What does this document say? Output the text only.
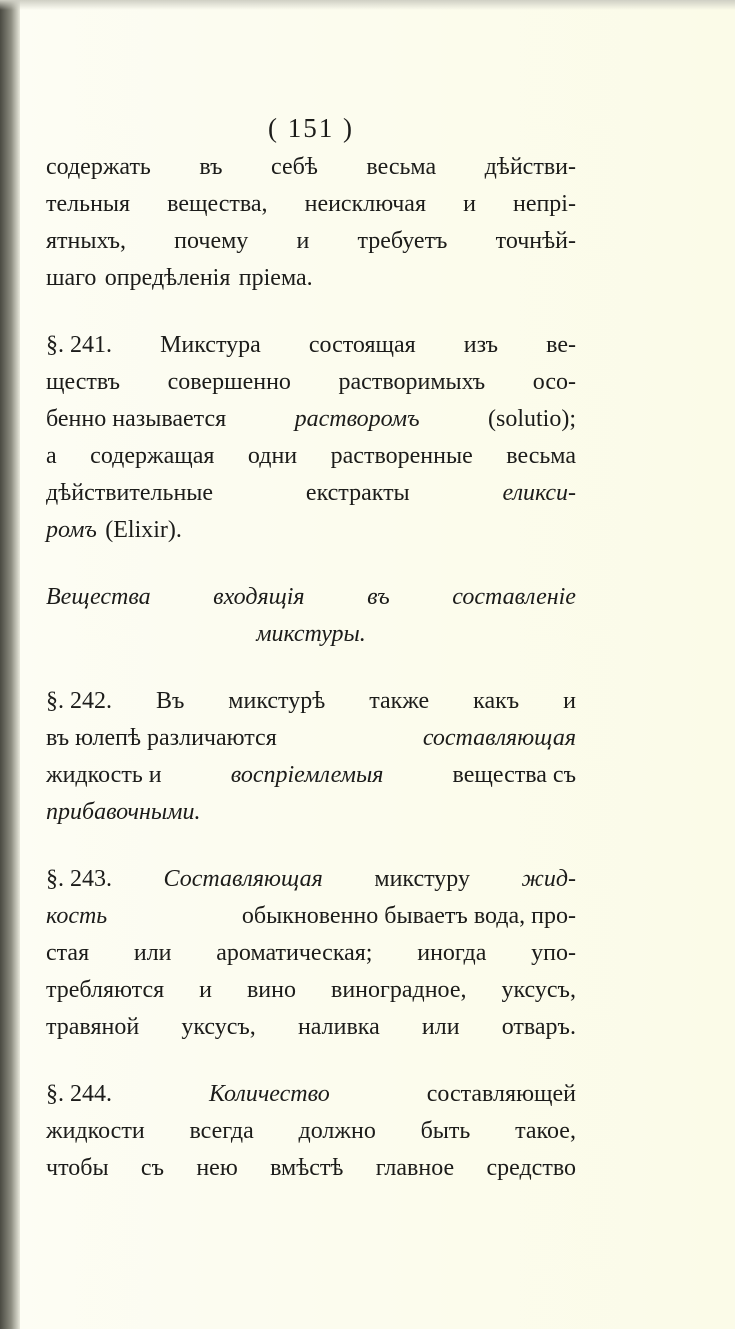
( 151 )
содержать въ себѣ весьма дѣйстви-
тельныя вещества, неисключая и непрі-
ятныхъ, почему и требуетъ точнѣй-
шаго опредѣленія пріема.
§. 241. Микстура состоящая изъ ве-
ществъ совершенно растворимыхъ осо-
бенно называется	растворомъ	(solutio);
а содержащая одни растворенные весьма
дѣйствительные	екстракты	еликси-
ромъ (Elixir).
Вещества	входящія	въ	составленіе
микстуры.
§. 242. Въ микстурѣ также какъ и
въ юлепѣ различаются	составляющая
жидкость и	воспріемлемыя	вещества съ
прибавочными.
§. 243. Составляющая микстуру жид-
кость	обыкновенно бываетъ вода, про-
стая или ароматическая; иногда упо-
требляются и вино виноградное, уксусъ,
травяной уксусъ, наливка или отваръ.
§. 244.	Количество	составляющей
жидкости всегда должно быть такое,
чтобы съ нею вмѣстѣ главное средство
